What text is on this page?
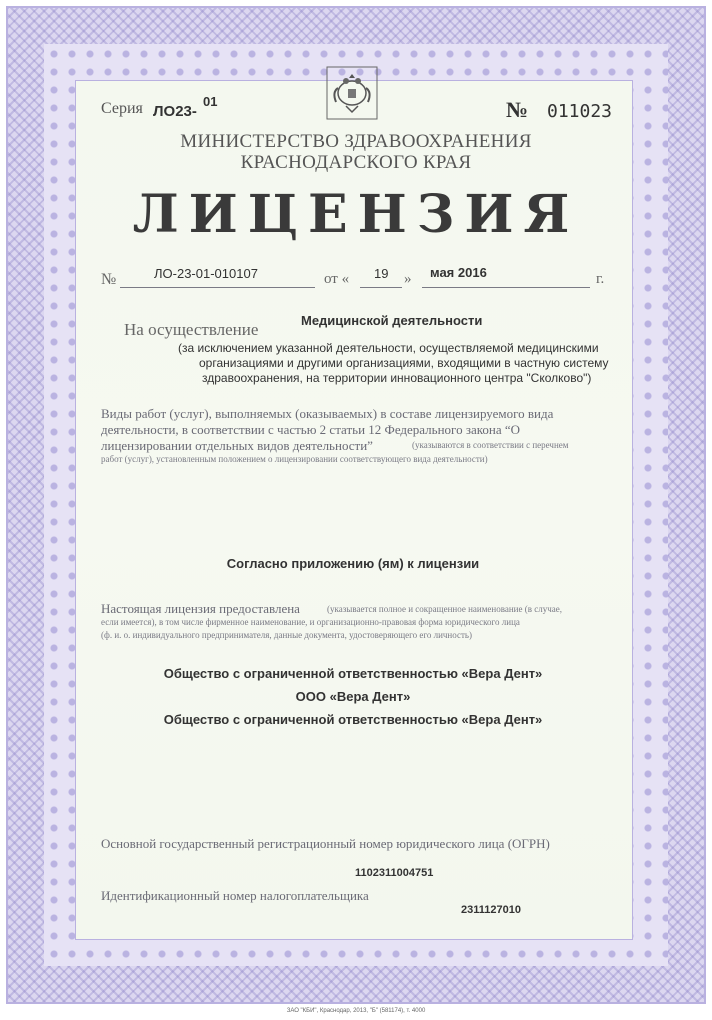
Серия ЛО23-
01	№ 011023
МИНИСТЕРСТВО ЗДРАВООХРАНЕНИЯ
КРАСНОДАРСКОГО КРАЯ
ЛИЦЕНЗИЯ
№	ЛО-23-01-010107	от « 19 » мая 2016	г.
На осуществление	Медицинской деятельности
(за исключением указанной деятельности, осуществляемой медицинскими
организациями и другими организациями, входящими в частную систему
здравоохранения, на территории инновационного центра "Сколково")
Виды работ (услуг), выполняемых (оказываемых) в составе лицензируемого вида
деятельности, в соответствии с частью 2 статьи 12 Федерального закона “О
лицензировании отдельных видов деятельности”	(указываются в соответствии с перечнем
работ (услуг), установленным положением о лицензировании соответствующего вида деятельности)
Согласно приложению (ям) к лицензии
Настоящая лицензия предоставлена	(указывается полное и сокращенное наименование (в случае,
если имеется), в том числе фирменное наименование, и организационно-правовая форма юридического лица
(ф. и. о. индивидуального предпринимателя, данные документа, удостоверяющего его личность)
Общество с ограниченной ответственностью «Вера Дент»
ООО «Вера Дент»
Общество с ограниченной ответственностью «Вера Дент»
Основной государственный регистрационный номер юридического лица (ОГРН)
1102311004751
Идентификационный номер налогоплательщика
2311127010
ЗАО "КБИ", Краснодар, 2013, "Б" (581174), т. 4000
